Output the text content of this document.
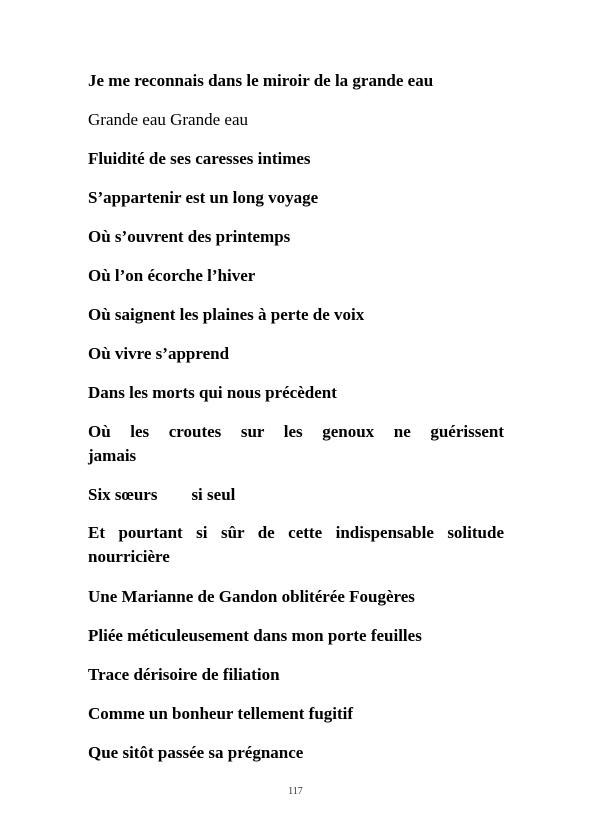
Je me reconnais dans le miroir de la grande eau
Grande eau Grande eau
Fluidité de ses caresses intimes
S’appartenir est un long voyage
Où s’ouvrent des printemps
Où l’on écorche l’hiver
Où saignent les plaines à perte de voix
Où vivre s’apprend
Dans les morts qui nous précèdent
Où les croutes sur les genoux ne guérissent
jamais
Six sœurs si seul
Et pourtant si sûr de cette indispensable solitude
nourricière
Une Marianne de Gandon oblitérée Fougères
Pliée méticuleusement dans mon porte feuilles
Trace dérisoire de filiation
Comme un bonheur tellement fugitif
Que sitôt passée sa prégnance
117
